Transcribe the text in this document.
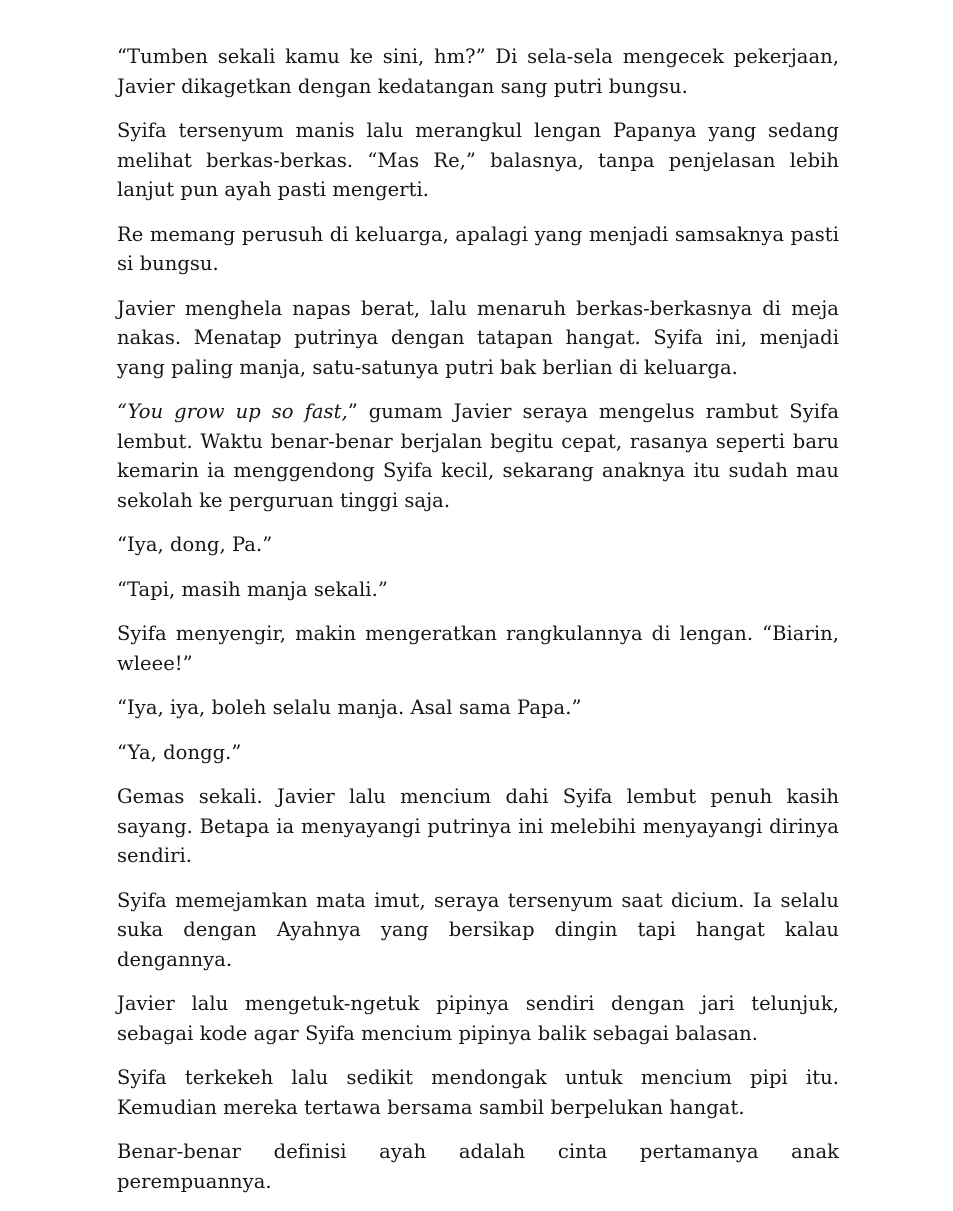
“Tumben sekali kamu ke sini, hm?” Di sela-sela mengecek pekerjaan, Javier dikagetkan dengan kedatangan sang putri bungsu.

Syifa tersenyum manis lalu merangkul lengan Papanya yang sedang melihat berkas-berkas. “Mas Re,” balasnya, tanpa penjelasan lebih lanjut pun ayah pasti mengerti.

Re memang perusuh di keluarga, apalagi yang menjadi samsaknya pasti si bungsu.

Javier menghela napas berat, lalu menaruh berkas-berkasnya di meja nakas. Menatap putrinya dengan tatapan hangat. Syifa ini, menjadi yang paling manja, satu-satunya putri bak berlian di keluarga.

“You grow up so fast,” gumam Javier seraya mengelus rambut Syifa lembut. Waktu benar-benar berjalan begitu cepat, rasanya seperti baru kemarin ia menggendong Syifa kecil, sekarang anaknya itu sudah mau sekolah ke perguruan tinggi saja.

“Iya, dong, Pa.”

“Tapi, masih manja sekali.”

Syifa menyengir, makin mengeratkan rangkulannya di lengan. “Biarin, wleee!”

“Iya, iya, boleh selalu manja. Asal sama Papa.”

“Ya, dongg.”

Gemas sekali. Javier lalu mencium dahi Syifa lembut penuh kasih sayang. Betapa ia menyayangi putrinya ini melebihi menyayangi dirinya sendiri.

Syifa memejamkan mata imut, seraya tersenyum saat dicium. Ia selalu suka dengan Ayahnya yang bersikap dingin tapi hangat kalau dengannya.

Javier lalu mengetuk-ngetuk pipinya sendiri dengan jari telunjuk, sebagai kode agar Syifa mencium pipinya balik sebagai balasan.

Syifa terkekeh lalu sedikit mendongak untuk mencium pipi itu. Kemudian mereka tertawa bersama sambil berpelukan hangat.

Benar-benar definisi ayah adalah cinta pertamanya anak perempuannya.
